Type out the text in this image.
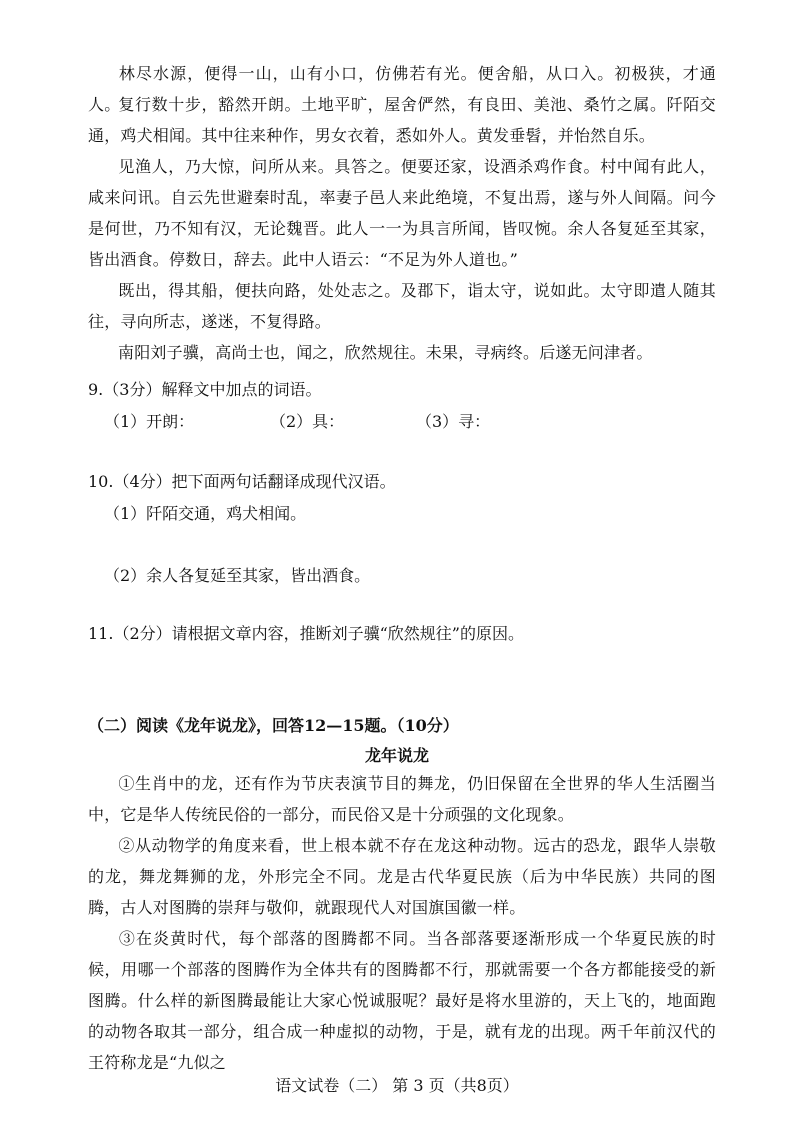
林尽水源，便得一山，山有小口，仿佛若有光。便舍船，从口入。初极狭，才通人。
复行数十步，豁然开朗。土地平旷，屋舍俨然，有良田、美池、桑竹之属。阡陌交通，鸡犬相闻。其中往来种作，男女衣着，悉如外人。黄发垂髫，并怡然自乐。
见渔人，乃大惊，问所从来。具答之。便要还家，设酒杀鸡作食。村中闻有此人，咸来问讯。自云先世避秦时乱，率妻子邑人来此绝境，不复出焉，遂与外人间隔。问今是何世，乃不知有汉，无论魏晋。此人一一为具言所闻，皆叹惋。余人各复延至其家，皆出酒食。停数日，辞去。此中人语云：“不足为外人道也。”
既出，得其船，便扶向路，处处志之。及郡下，诣太守，说如此。太守即遣人随其往，寻向所志，遂迷，不复得路。
南阳刘子骥，高尚士也，闻之，欣然规往。未果，寻病终。后遂无问津者。
9.（3分）解释文中加点的词语。
（1）开朗：	（2）具：	（3）寻：
10.（4分）把下面两句话翻译成现代汉语。
（1）阡陌交通，鸡犬相闻。
（2）余人各复延至其家，皆出酒食。
11.（2分）请根据文章内容，推断刘子骥“欣然规往”的原因。
（二）阅读《龙年说龙》，回答12—15题。（10分）
龙年说龙
①生肖中的龙，还有作为节庆表演节目的舞龙，仍旧保留在全世界的华人生活圈当中，它是华人传统民俗的一部分，而民俗又是十分顽强的文化现象。
②从动物学的角度来看，世上根本就不存在龙这种动物。远古的恐龙，跟华人崇敬的龙，舞龙舞狮的龙，外形完全不同。龙是古代华夏民族（后为中华民族）共同的图腾，古人对图腾的崇拜与敬仰，就跟现代人对国旗国徽一样。
③在炎黄时代，每个部落的图腾都不同。当各部落要逐渐形成一个华夏民族的时候，用哪一个部落的图腾作为全体共有的图腾都不行，那就需要一个各方都能接受的新图腾。什么样的新图腾最能让大家心悦诚服呢？最好是将水里游的，天上飞的，地面跑的动物各取其一部分，组合成一种虚拟的动物，于是，就有龙的出现。两千年前汉代的王符称龙是“九似之
语文试卷（二） 第 3 页（共8页）
